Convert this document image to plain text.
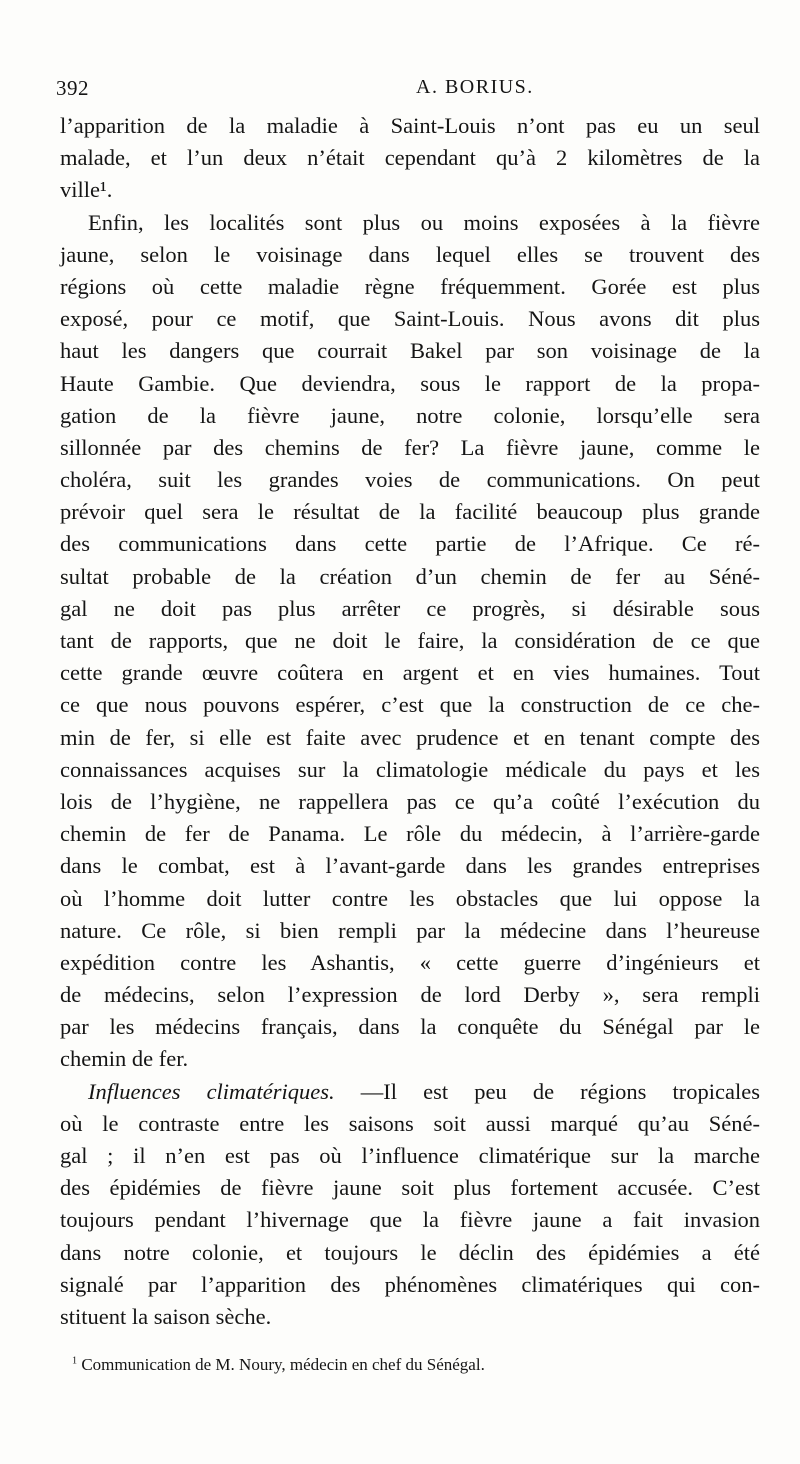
392	A. BORIUS.
l’apparition de la maladie à Saint-Louis n’ont pas eu un seul
malade, et l’un deux n’était cependant qu’à 2 kilomètres de la
ville¹.
Enfin, les localités sont plus ou moins exposées à la fièvre
jaune, selon le voisinage dans lequel elles se trouvent des
régions où cette maladie règne fréquemment. Gorée est plus
exposé, pour ce motif, que Saint-Louis. Nous avons dit plus
haut les dangers que courrait Bakel par son voisinage de la
Haute Gambie. Que deviendra, sous le rapport de la propa-
gation de la fièvre jaune, notre colonie, lorsqu’elle sera
sillonnée par des chemins de fer? La fièvre jaune, comme le
choléra, suit les grandes voies de communications. On peut
prévoir quel sera le résultat de la facilité beaucoup plus grande
des communications dans cette partie de l’Afrique. Ce ré-
sultat probable de la création d’un chemin de fer au Séné-
gal ne doit pas plus arrêter ce progrès, si désirable sous
tant de rapports, que ne doit le faire, la considération de ce que
cette grande œuvre coûtera en argent et en vies humaines. Tout
ce que nous pouvons espérer, c’est que la construction de ce che-
min de fer, si elle est faite avec prudence et en tenant compte des
connaissances acquises sur la climatologie médicale du pays et les
lois de l’hygiène, ne rappellera pas ce qu’a coûté l’exécution du
chemin de fer de Panama. Le rôle du médecin, à l’arrière-garde
dans le combat, est à l’avant-garde dans les grandes entreprises
où l’homme doit lutter contre les obstacles que lui oppose la
nature. Ce rôle, si bien rempli par la médecine dans l’heureuse
expédition contre les Ashantis, « cette guerre d’ingénieurs et
de médecins, selon l’expression de lord Derby », sera rempli
par les médecins français, dans la conquête du Sénégal par le
chemin de fer.
Influences climatériques. —Il est peu de régions tropicales
où le contraste entre les saisons soit aussi marqué qu’au Séné-
gal ; il n’en est pas où l’influence climatérique sur la marche
des épidémies de fièvre jaune soit plus fortement accusée. C’est
toujours pendant l’hivernage que la fièvre jaune a fait invasion
dans notre colonie, et toujours le déclin des épidémies a été
signalé par l’apparition des phénomènes climatériques qui con-
stituent la saison sèche.
$^1$ Communication de M. Noury, médecin en chef du Sénégal.
